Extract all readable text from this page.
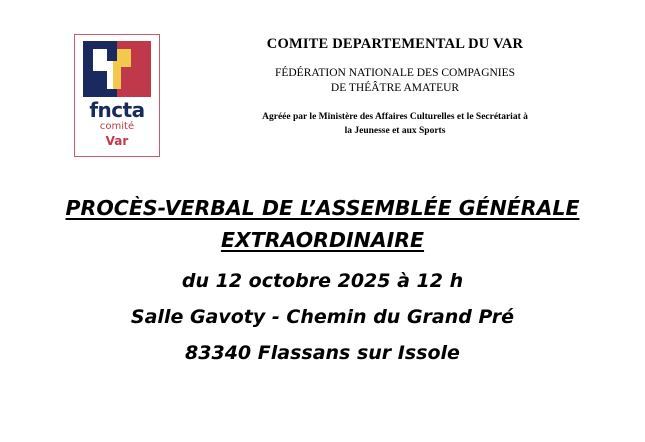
fncta
comité
Var

COMITE DEPARTEMENTAL DU VAR

FÉDÉRATION NATIONALE DES COMPAGNIES

DE THÉÂTRE AMATEUR

Agréée par le Ministère des Affaires Culturelles et le Secrétariat à

la Jeunesse et aux Sports

PROCÈS-VERBAL DE L’ASSEMBLÉE GÉNÉRALE

EXTRAORDINAIRE

du 12 octobre 2025 à 12 h

Salle Gavoty - Chemin du Grand Pré

83340 Flassans sur Issole
